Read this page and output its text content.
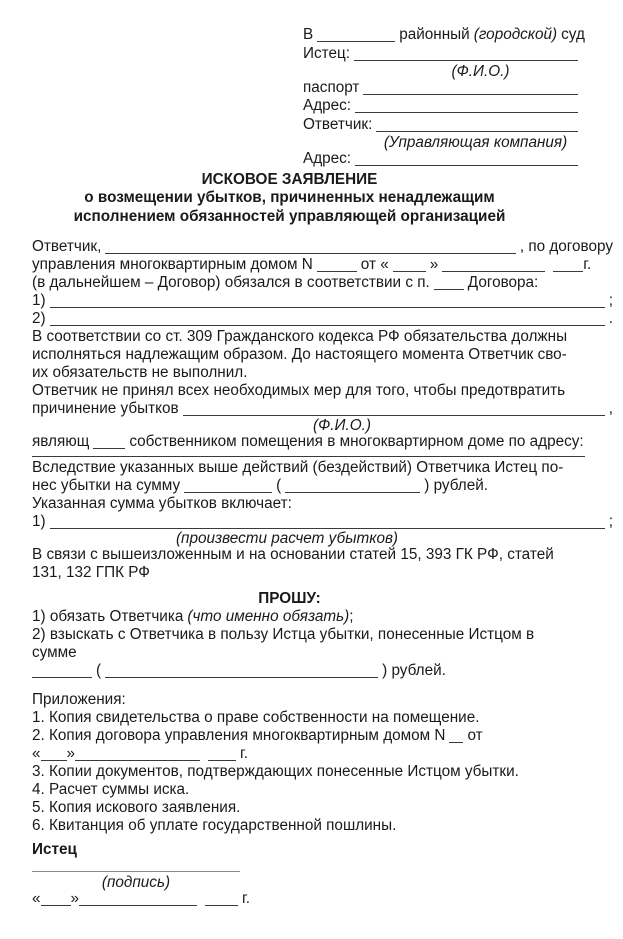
В	районный (городской) суд
Истец:
(Ф.И.О.)
паспорт
Адрес:
Ответчик:
(Управляющая компания)
Адрес:
ИСКОВОЕ ЗАЯВЛЕНИЕ
о возмещении убытков, причиненных ненадлежащим
исполнением обязанностей управляющей организацией
Ответчик,	, по договору
управления многоквартирным домом N	от «	»	г.
(в дальнейшем – Договор) обязался в соответствии с п. Договора:
1)	;
2)	.
В соответствии со ст. 309 Гражданского кодекса РФ обязательства должны
исполняться надлежащим образом. До настоящего момента Ответчик сво-
их обязательств не выполнил.
Ответчик не принял всех необходимых мер для того, чтобы предотвратить
причинение убытков	,
(Ф.И.О.)
являющ	собственником помещения в многоквартирном доме по адресу:
Вследствие указанных выше действий (бездействий) Ответчика Истец по-
нес убытки на сумму	(	) рублей.
Указанная сумма убытков включает:
1)	;
(произвести расчет убытков)
В связи с вышеизложенным и на основании статей 15, 393 ГК РФ, статей
131, 132 ГПК РФ
ПРОШУ:
1) обязать Ответчика (что именно обязать) ;
2) взыскать с Ответчика в пользу Истца убытки, понесенные Истцом в
сумме
(	) рублей.
Приложения:
1. Копия свидетельства о праве собственности на помещение.
2. Копия договора управления многоквартирным домом N от
« »	г.
3. Копии документов, подтверждающих понесенные Истцом убытки.
4. Расчет суммы иска.
5. Копия искового заявления.
6. Квитанция об уплате государственной пошлины.
Истец
(подпись)
« »	г.
